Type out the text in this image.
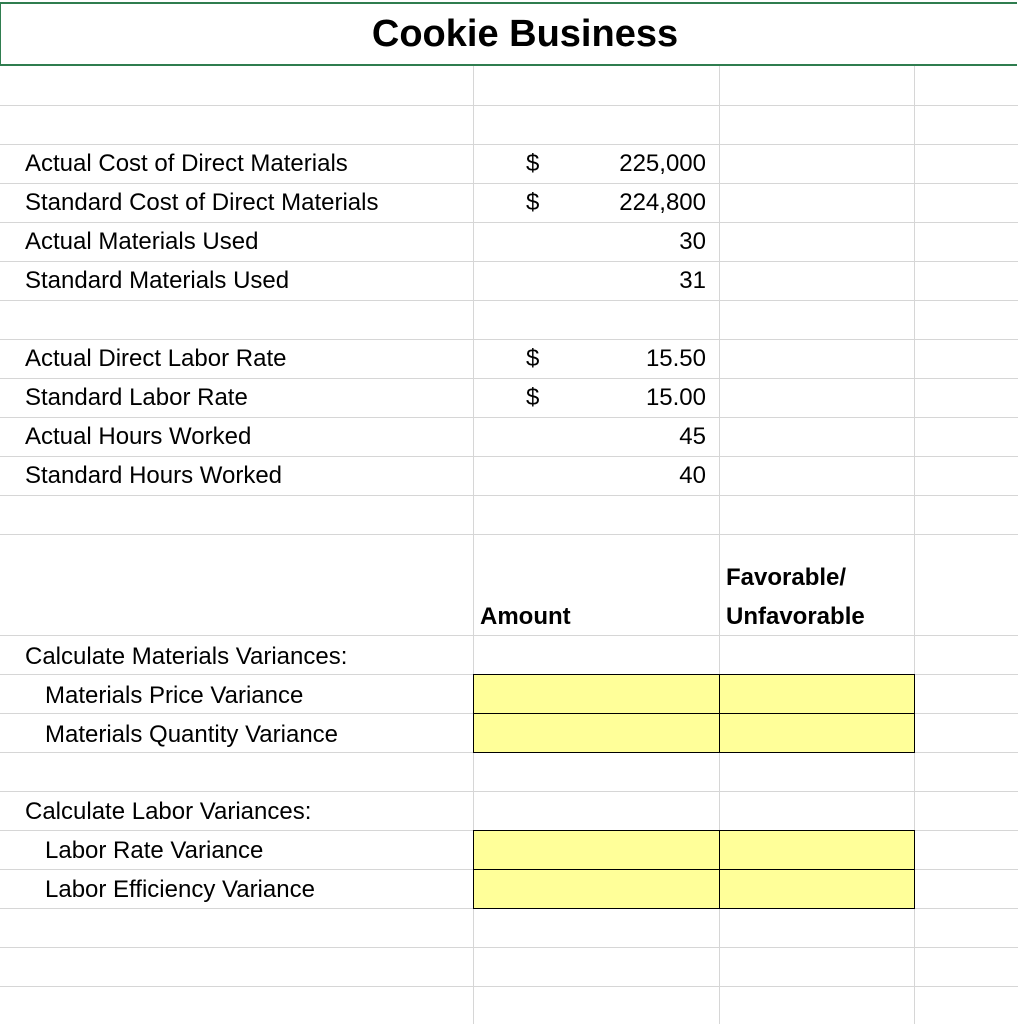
Cookie Business
Actual Cost of Direct Materials	$	225,000
Standard Cost of Direct Materials	$	224,800
Actual Materials Used	30
Standard Materials Used	31
Actual Direct Labor Rate	$	15.50
Standard Labor Rate	$	15.00
Actual Hours Worked	45
Standard Hours Worked	40
Favorable/
Amount	Unfavorable
Calculate Materials Variances:
Materials Price Variance
Materials Quantity Variance
Calculate Labor Variances:
Labor Rate Variance
Labor Efficiency Variance
